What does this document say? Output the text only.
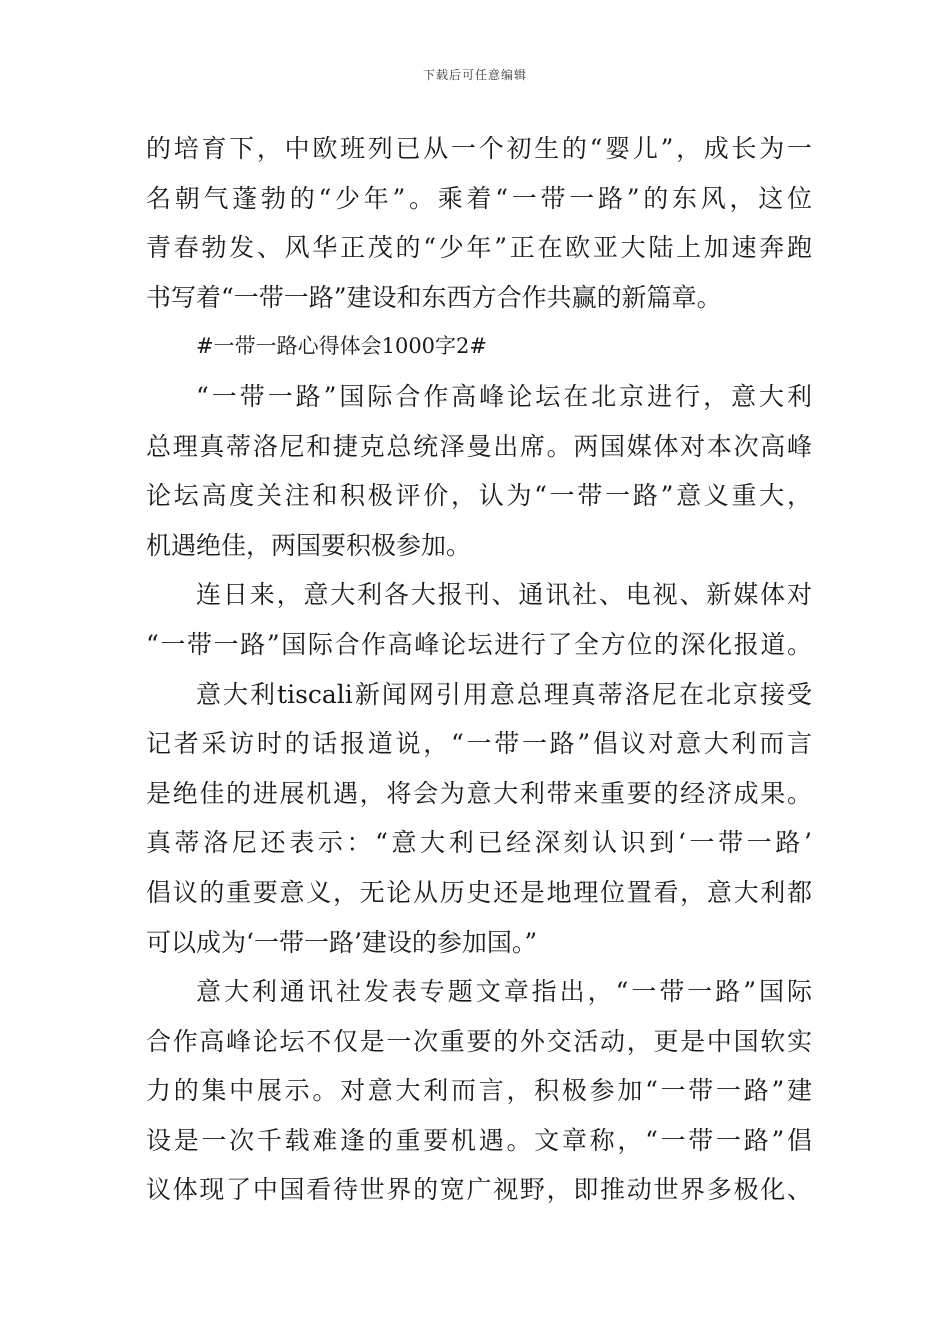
下载后可任意编辑
的培育下，中欧班列已从一个初生的“婴儿”，成长为一
名朝气蓬勃的“少年”。乘着“一带一路”的东风，这位
青春勃发、风华正茂的“少年”正在欧亚大陆上加速奔跑
书写着“一带一路”建设和东西方合作共赢的新篇章。
#一带一路心得体会1000字2#
“一带一路”国际合作高峰论坛在北京进行，意大利
总理真蒂洛尼和捷克总统泽曼出席。两国媒体对本次高峰
论坛高度关注和积极评价，认为“一带一路”意义重大，
机遇绝佳，两国要积极参加。
连日来，意大利各大报刊、通讯社、电视、新媒体对
“一带一路”国际合作高峰论坛进行了全方位的深化报道。
意大利tiscali新闻网引用意总理真蒂洛尼在北京接受
记者采访时的话报道说，“一带一路”倡议对意大利而言
是绝佳的进展机遇，将会为意大利带来重要的经济成果。
真蒂洛尼还表示：“意大利已经深刻认识到‘一带一路’
倡议的重要意义，无论从历史还是地理位置看，意大利都
可以成为‘一带一路’建设的参加国。”
意大利通讯社发表专题文章指出，“一带一路”国际
合作高峰论坛不仅是一次重要的外交活动，更是中国软实
力的集中展示。对意大利而言，积极参加“一带一路”建
设是一次千载难逢的重要机遇。文章称，“一带一路”倡
议体现了中国看待世界的宽广视野，即推动世界多极化、
